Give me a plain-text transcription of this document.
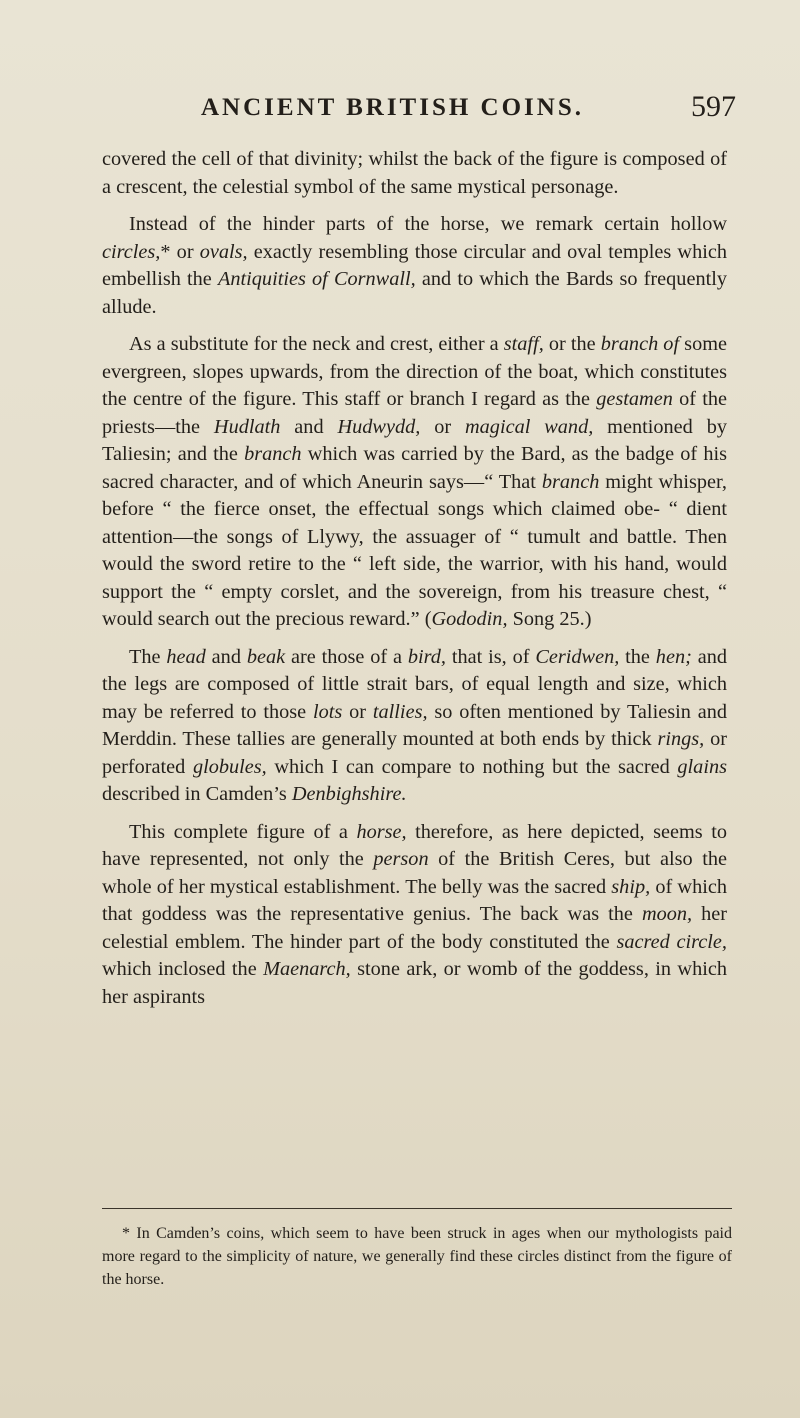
ANCIENT BRITISH COINS.	597

covered the cell of that divinity; whilst the back of the figure is composed of a crescent, the celestial symbol of the same mystical personage.

Instead of the hinder parts of the horse, we remark certain hollow circles,* or ovals, exactly resembling those circular and oval temples which embellish the Antiquities of Cornwall, and to which the Bards so frequently allude.

As a substitute for the neck and crest, either a staff, or the branch of some evergreen, slopes upwards, from the direction of the boat, which constitutes the centre of the figure. This staff or branch I regard as the gestamen of the priests—the Hudlath and Hudwydd, or magical wand, mentioned by Taliesin; and the branch which was carried by the Bard, as the badge of his sacred character, and of which Aneurin says—“ That branch might whisper, before “ the fierce onset, the effectual songs which claimed obe- “ dient attention—the songs of Llywy, the assuager of “ tumult and battle. Then would the sword retire to the “ left side, the warrior, with his hand, would support the “ empty corslet, and the sovereign, from his treasure chest, “ would search out the precious reward.” (Gododin, Song 25.)

The head and beak are those of a bird, that is, of Ceridwen, the hen; and the legs are composed of little strait bars, of equal length and size, which may be referred to those lots or tallies, so often mentioned by Taliesin and Merddin. These tallies are generally mounted at both ends by thick rings, or perforated globules, which I can compare to nothing but the sacred glains described in Camden’s Denbighshire.

This complete figure of a horse, therefore, as here depicted, seems to have represented, not only the person of the British Ceres, but also the whole of her mystical establishment. The belly was the sacred ship, of which that goddess was the representative genius. The back was the moon, her celestial emblem. The hinder part of the body constituted the sacred circle, which inclosed the Maenarch, stone ark, or womb of the goddess, in which her aspirants

* In Camden’s coins, which seem to have been struck in ages when our mythologists paid more regard to the simplicity of nature, we generally find these circles distinct from the figure of the horse.
